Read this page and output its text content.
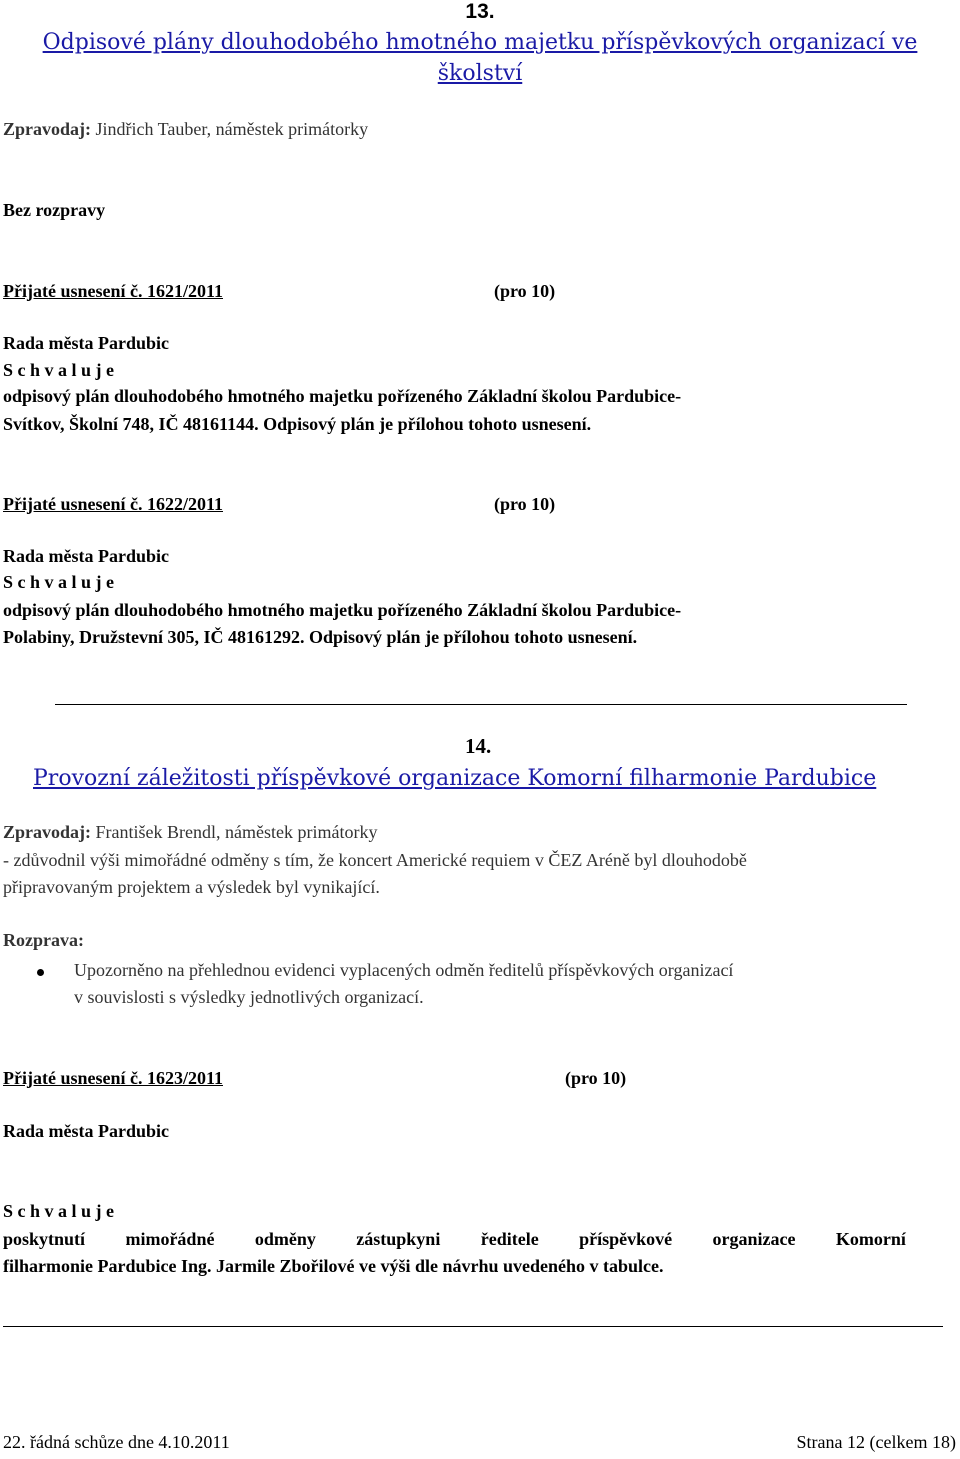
13.
Odpisové plány dlouhodobého hmotného majetku příspěvkových organizací ve
školství
Zpravodaj: Jindřich Tauber, náměstek primátorky
Bez rozpravy
Přijaté usnesení č. 1621/2011	(pro 10)
Rada města Pardubic
S c h v a l u j e
odpisový plán dlouhodobého hmotného majetku pořízeného Základní školou Pardubice-
Svítkov, Školní 748, IČ 48161144. Odpisový plán je přílohou tohoto usnesení.
Přijaté usnesení č. 1622/2011	(pro 10)
Rada města Pardubic
S c h v a l u j e
odpisový plán dlouhodobého hmotného majetku pořízeného Základní školou Pardubice-
Polabiny, Družstevní 305, IČ 48161292. Odpisový plán je přílohou tohoto usnesení.
14.
Provozní záležitosti příspěvkové organizace Komorní filharmonie Pardubice
Zpravodaj: František Brendl, náměstek primátorky
- zdůvodnil výši mimořádné odměny s tím, že koncert Americké requiem v ČEZ Aréně byl dlouhodobě
připravovaným projektem a výsledek byl vynikající.
Rozprava:
Upozorněno na přehlednou evidenci vyplacených odměn ředitelů příspěvkových organizací
v souvislosti s výsledky jednotlivých organizací.
Přijaté usnesení č. 1623/2011	(pro 10)
Rada města Pardubic
S c h v a l u j e
poskytnutí mimořádné odměny zástupkyni ředitele příspěvkové organizace Komorní
filharmonie Pardubice Ing. Jarmile Zbořilové ve výši dle návrhu uvedeného v tabulce.
22. řádná schůze dne 4.10.2011	Strana 12 (celkem 18)
